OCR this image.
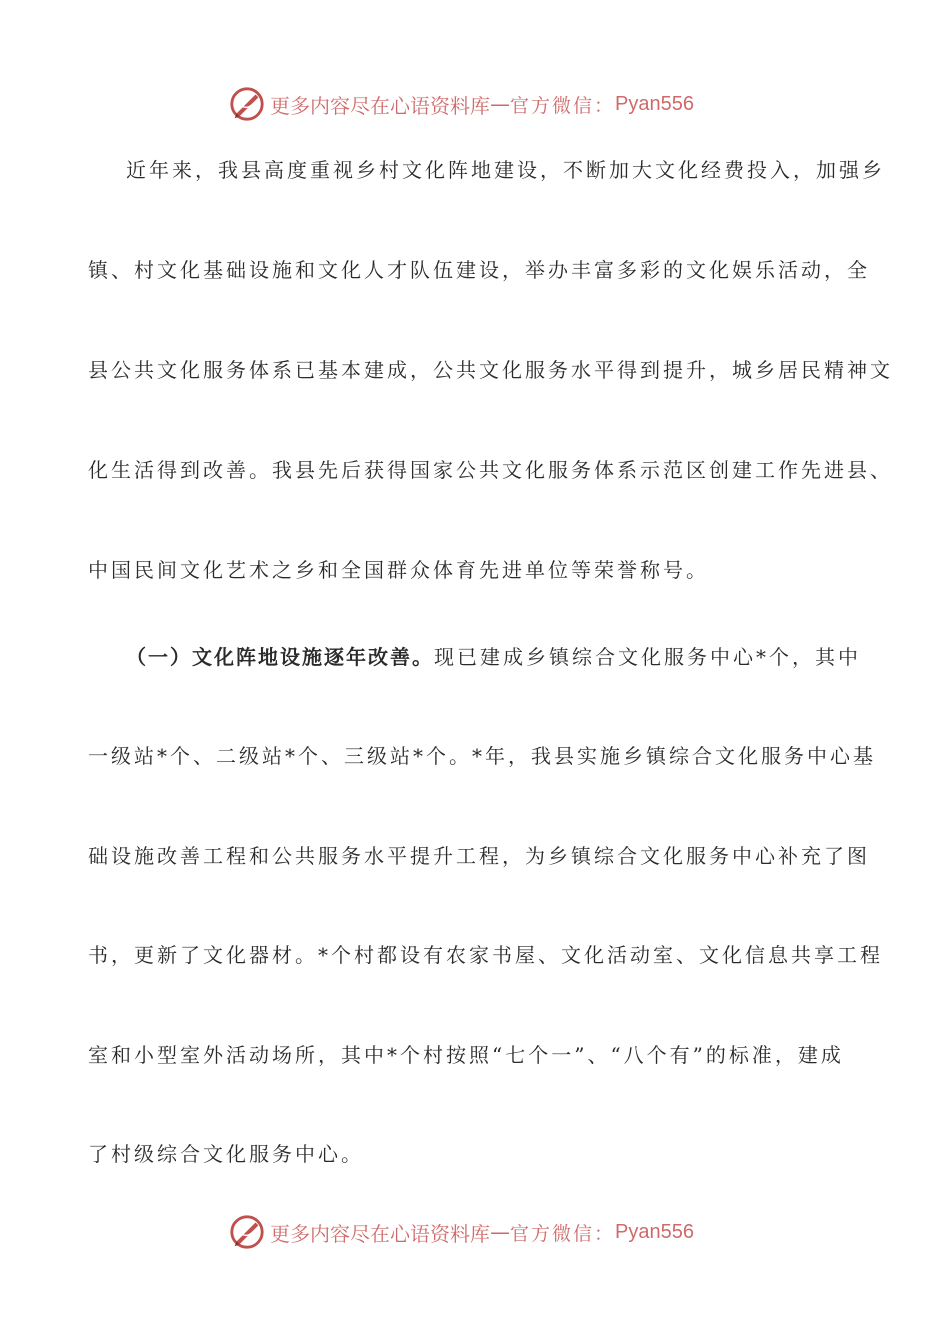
更多内容尽在心语资料库 — 官方微信： Pyan556
近年来，我县高度重视乡村文化阵地建设，不断加大文化经费投入，加强乡
镇、村文化基础设施和文化人才队伍建设，举办丰富多彩的文化娱乐活动，全
县公共文化服务体系已基本建成，公共文化服务水平得到提升，城乡居民精神文
化生活得到改善。我县先后获得国家公共文化服务体系示范区创建工作先进县、
中国民间文化艺术之乡和全国群众体育先进单位等荣誉称号。
（一）文化阵地设施逐年改善。现已建成乡镇综合文化服务中心*个，其中
一级站*个、二级站*个、三级站*个。*年，我县实施乡镇综合文化服务中心基
础设施改善工程和公共服务水平提升工程，为乡镇综合文化服务中心补充了图
书，更新了文化器材。*个村都设有农家书屋、文化活动室、文化信息共享工程
室和小型室外活动场所，其中*个村按照“七个一”、“八个有”的标准，建成
了村级综合文化服务中心。
更多内容尽在心语资料库 — 官方微信： Pyan556
